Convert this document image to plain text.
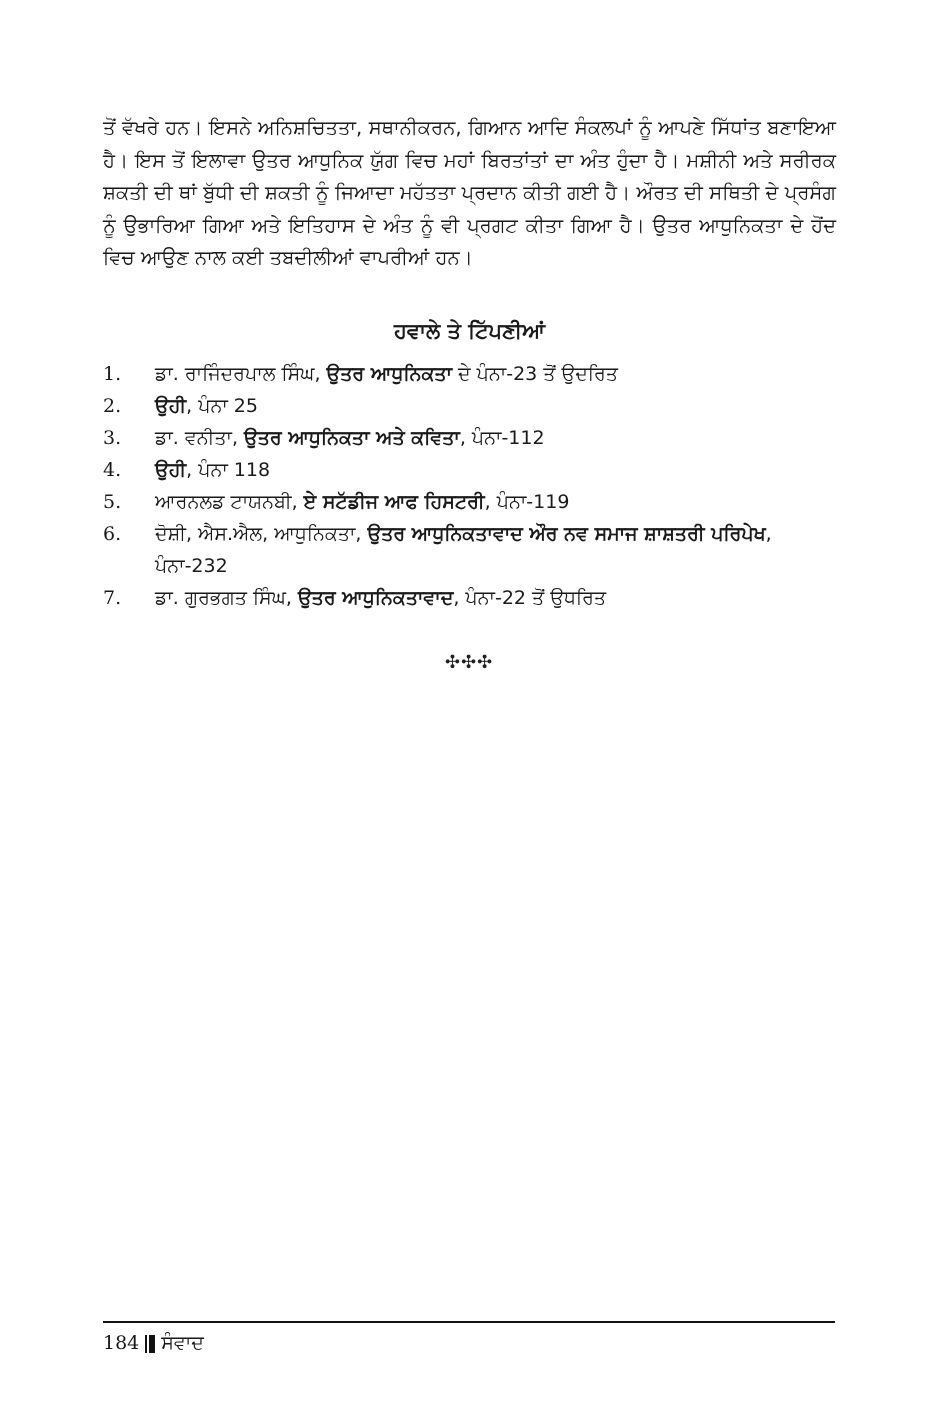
ਤੋਂ ਵੱਖਰੇ ਹਨ। ਇਸਨੇ ਅਨਿਸ਼ਚਿਤਤਾ, ਸਥਾਨੀਕਰਨ, ਗਿਆਨ ਆਦਿ ਸੰਕਲਪਾਂ ਨੂੰ ਆਪਣੇ ਸਿੱਧਾਂਤ ਬਣਾਇਆ ਹੈ। ਇਸ ਤੋਂ ਇਲਾਵਾ ਉਤਰ ਆਧੁਨਿਕ ਯੁੱਗ ਵਿਚ ਮਹਾਂ ਬਿਰਤਾਂਤਾਂ ਦਾ ਅੰਤ ਹੁੰਦਾ ਹੈ। ਮਸ਼ੀਨੀ ਅਤੇ ਸਰੀਰਕ ਸ਼ਕਤੀ ਦੀ ਥਾਂ ਬੁੱਧੀ ਦੀ ਸ਼ਕਤੀ ਨੂੰ ਜਿਆਦਾ ਮਹੱਤਤਾ ਪ੍ਰਦਾਨ ਕੀਤੀ ਗਈ ਹੈ। ਔਰਤ ਦੀ ਸਥਿਤੀ ਦੇ ਪ੍ਰਸੰਗ ਨੂੰ ਉਭਾਰਿਆ ਗਿਆ ਅਤੇ ਇਤਿਹਾਸ ਦੇ ਅੰਤ ਨੂੰ ਵੀ ਪ੍ਰਗਟ ਕੀਤਾ ਗਿਆ ਹੈ। ਉਤਰ ਆਧੁਨਿਕਤਾ ਦੇ ਹੋਂਦ ਵਿਚ ਆਉਣ ਨਾਲ ਕਈ ਤਬਦੀਲੀਆਂ ਵਾਪਰੀਆਂ ਹਨ।

ਹਵਾਲੇ ਤੇ ਟਿੱਪਣੀਆਂ
1.	ਡਾ. ਰਾਜਿੰਦਰਪਾਲ ਸਿੰਘ, ਉਤਰ ਆਧੁਨਿਕਤਾ ਦੇ ਪੰਨਾ-23 ਤੋਂ ਉਦਰਿਤ
2.	ਉਹੀ, ਪੰਨਾ 25
3.	ਡਾ. ਵਨੀਤਾ, ਉਤਰ ਆਧੁਨਿਕਤਾ ਅਤੇ ਕਵਿਤਾ, ਪੰਨਾ-112
4.	ਉਹੀ, ਪੰਨਾ 118
5.	ਆਰਨਲਡ ਟਾਯਨਬੀ, ਏ ਸਟੱਡੀਜ ਆਫ ਹਿਸਟਰੀ, ਪੰਨਾ-119
6.	ਦੋਸ਼ੀ, ਐਸ.ਐਲ, ਆਧੁਨਿਕਤਾ, ਉਤਰ ਆਧੁਨਿਕਤਾਵਾਦ ਔਰ ਨਵ ਸਮਾਜ ਸ਼ਾਸ਼ਤਰੀ ਪਰਿਪੇਖ, ਪੰਨਾ-232
7.	ਡਾ. ਗੁਰਭਗਤ ਸਿੰਘ, ਉਤਰ ਆਧੁਨਿਕਤਾਵਾਦ, ਪੰਨਾ-22 ਤੋਂ ਉਧਰਿਤ
✣✣✣
184 ਸੰਵਾਦ
